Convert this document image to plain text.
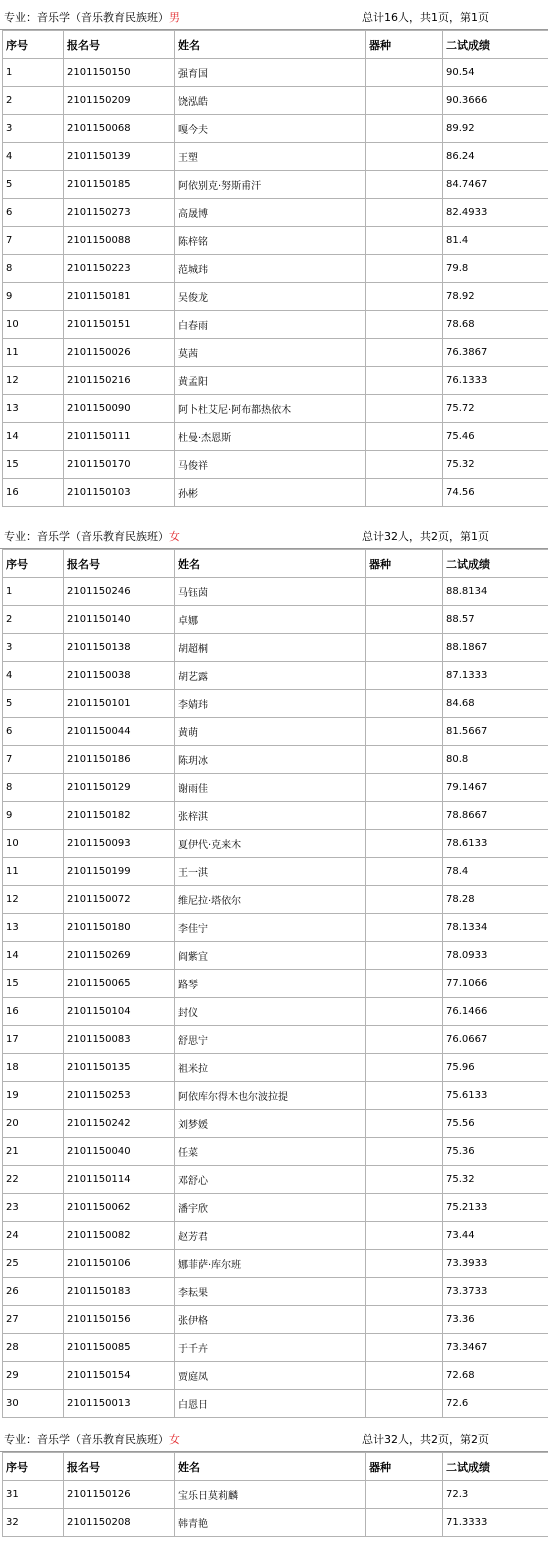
专业：音乐学（音乐教育民族班）男	总计16人，共1页，第1页
序号	报名号	姓名	器种	二试成绩
1	2101150150	强育国		90.54
2	2101150209	饶泓皓		90.3666
3	2101150068	嘎今夫		89.92
4	2101150139	王塑		86.24
5	2101150185	阿依别克·努斯甫汗		84.7467
6	2101150273	高晟博		82.4933
7	2101150088	陈梓铭		81.4
8	2101150223	范城玮		79.8
9	2101150181	吴俊龙		78.92
10	2101150151	白春雨		78.68
11	2101150026	莫茜		76.3867
12	2101150216	黄孟阳		76.1333
13	2101150090	阿卜杜艾尼·阿布都热依木		75.72
14	2101150111	杜曼·杰恩斯		75.46
15	2101150170	马俊祥		75.32
16	2101150103	孙彬		74.56
专业：音乐学（音乐教育民族班）女	总计32人，共2页，第1页
序号	报名号	姓名	器种	二试成绩
1	2101150246	马钰茵		88.8134
2	2101150140	卓娜		88.57
3	2101150138	胡超桐		88.1867
4	2101150038	胡艺露		87.1333
5	2101150101	李婧玮		84.68
6	2101150044	黄萌		81.5667
7	2101150186	陈玥冰		80.8
8	2101150129	谢雨佳		79.1467
9	2101150182	张梓淇		78.8667
10	2101150093	夏伊代·克来木		78.6133
11	2101150199	王一淇		78.4
12	2101150072	维尼拉·塔依尔		78.28
13	2101150180	李佳宁		78.1334
14	2101150269	阎紫宜		78.0933
15	2101150065	路琴		77.1066
16	2101150104	封仪		76.1466
17	2101150083	舒思宁		76.0667
18	2101150135	祖米拉		75.96
19	2101150253	阿依库尔得木也尔波拉提		75.6133
20	2101150242	刘梦媛		75.56
21	2101150040	任菜		75.36
22	2101150114	邓舒心		75.32
23	2101150062	潘宇欣		75.2133
24	2101150082	赵芳君		73.44
25	2101150106	娜菲萨·库尔班		73.3933
26	2101150183	李耘果		73.3733
27	2101150156	张伊格		73.36
28	2101150085	于千卉		73.3467
29	2101150154	贾庭凤		72.68
30	2101150013	白恩日		72.6
专业：音乐学（音乐教育民族班）女	总计32人，共2页，第2页
序号	报名号	姓名	器种	二试成绩
31	2101150126	宝乐日莫莉麟		72.3
32	2101150208	韩青艳		71.3333
